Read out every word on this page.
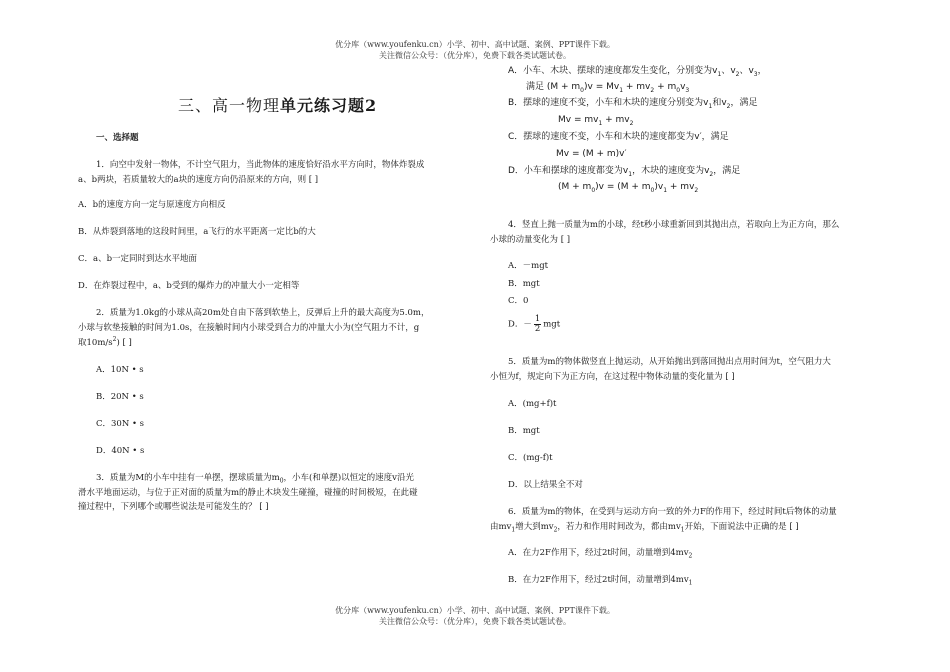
优分库（www.youfenku.cn）小学、初中、高中试题、案例、PPT课件下载。
关注微信公众号：（优分库），免费下载各类试题试卷。
三、高一物理单元练习题2
一、选择题
1．向空中发射一物体，不计空气阻力，当此物体的速度恰好沿水平方向时，物体炸裂成
a、b两块，若质量较大的a块的速度方向仍沿原来的方向，则 [ ]
A．b的速度方向一定与原速度方向相反
B．从炸裂到落地的这段时间里，a飞行的水平距离一定比b的大
C．a、b一定同时到达水平地面
D．在炸裂过程中，a、b受到的爆炸力的冲量大小一定相等
2．质量为1.0kg的小球从高20m处自由下落到软垫上，反弹后上升的最大高度为5.0m，
小球与软垫接触的时间为1.0s，在接触时间内小球受到合力的冲量大小为(空气阻力不计，g
取$10m/s^2$) [ ]
A．10N • s
B．20N • s
C．30N • s
D．40N • s
3．质量为M的小车中挂有一单摆，摆球质量为$m_0$，小车(和单摆)以恒定的速度v沿光
滑水平地面运动，与位于正对面的质量为m的静止木块发生碰撞，碰撞的时间极短，在此碰
撞过程中，下列哪个或哪些说法是可能发生的？ [ ]
A．小车、木块、摆球的速度都发生变化，分别变为$v_1$、$v_2$、$v_3$，
满足 $(M + m_0)v = Mv_1 + mv_2 + m_0v_3$
B．摆球的速度不变，小车和木块的速度分别变为$v_1$和$v_2$，满足
$Mv = mv_1 + mv_2$
C．摆球的速度不变，小车和木块的速度都变为v′，满足
Mv = (M + m)v′
D．小车和摆球的速度都变为$v_1$，木块的速度变为$v_2$，满足
$(M + m_0)v = (M + m_0)v_1 + mv_2$
4．竖直上抛一质量为m的小球，经t秒小球重新回到其抛出点，若取向上为正方向，那么
小球的动量变化为 [ ]
A．－mgt
B．mgt
C．0
D．－ $\frac{1}{2}$ mgt
5．质量为m的物体做竖直上抛运动，从开始抛出到落回抛出点用时间为t，空气阻力大
小恒为f，规定向下为正方向，在这过程中物体动量的变化量为 [ ]
A．(mg+f)t
B．mgt
C．(mg-f)t
D．以上结果全不对
6．质量为m的物体，在受到与运动方向一致的外力F的作用下，经过时间t后物体的动量
由$mv_1$增大到$mv_2$，若力和作用时间改为，都由$mv_1$开始，下面说法中正确的是 [ ]
A．在力2F作用下，经过2t时间，动量增到$4mv_2$
B．在力2F作用下，经过2t时间，动量增到$4mv_1$
优分库（www.youfenku.cn）小学、初中、高中试题、案例、PPT课件下载。
关注微信公众号：（优分库），免费下载各类试题试卷。
